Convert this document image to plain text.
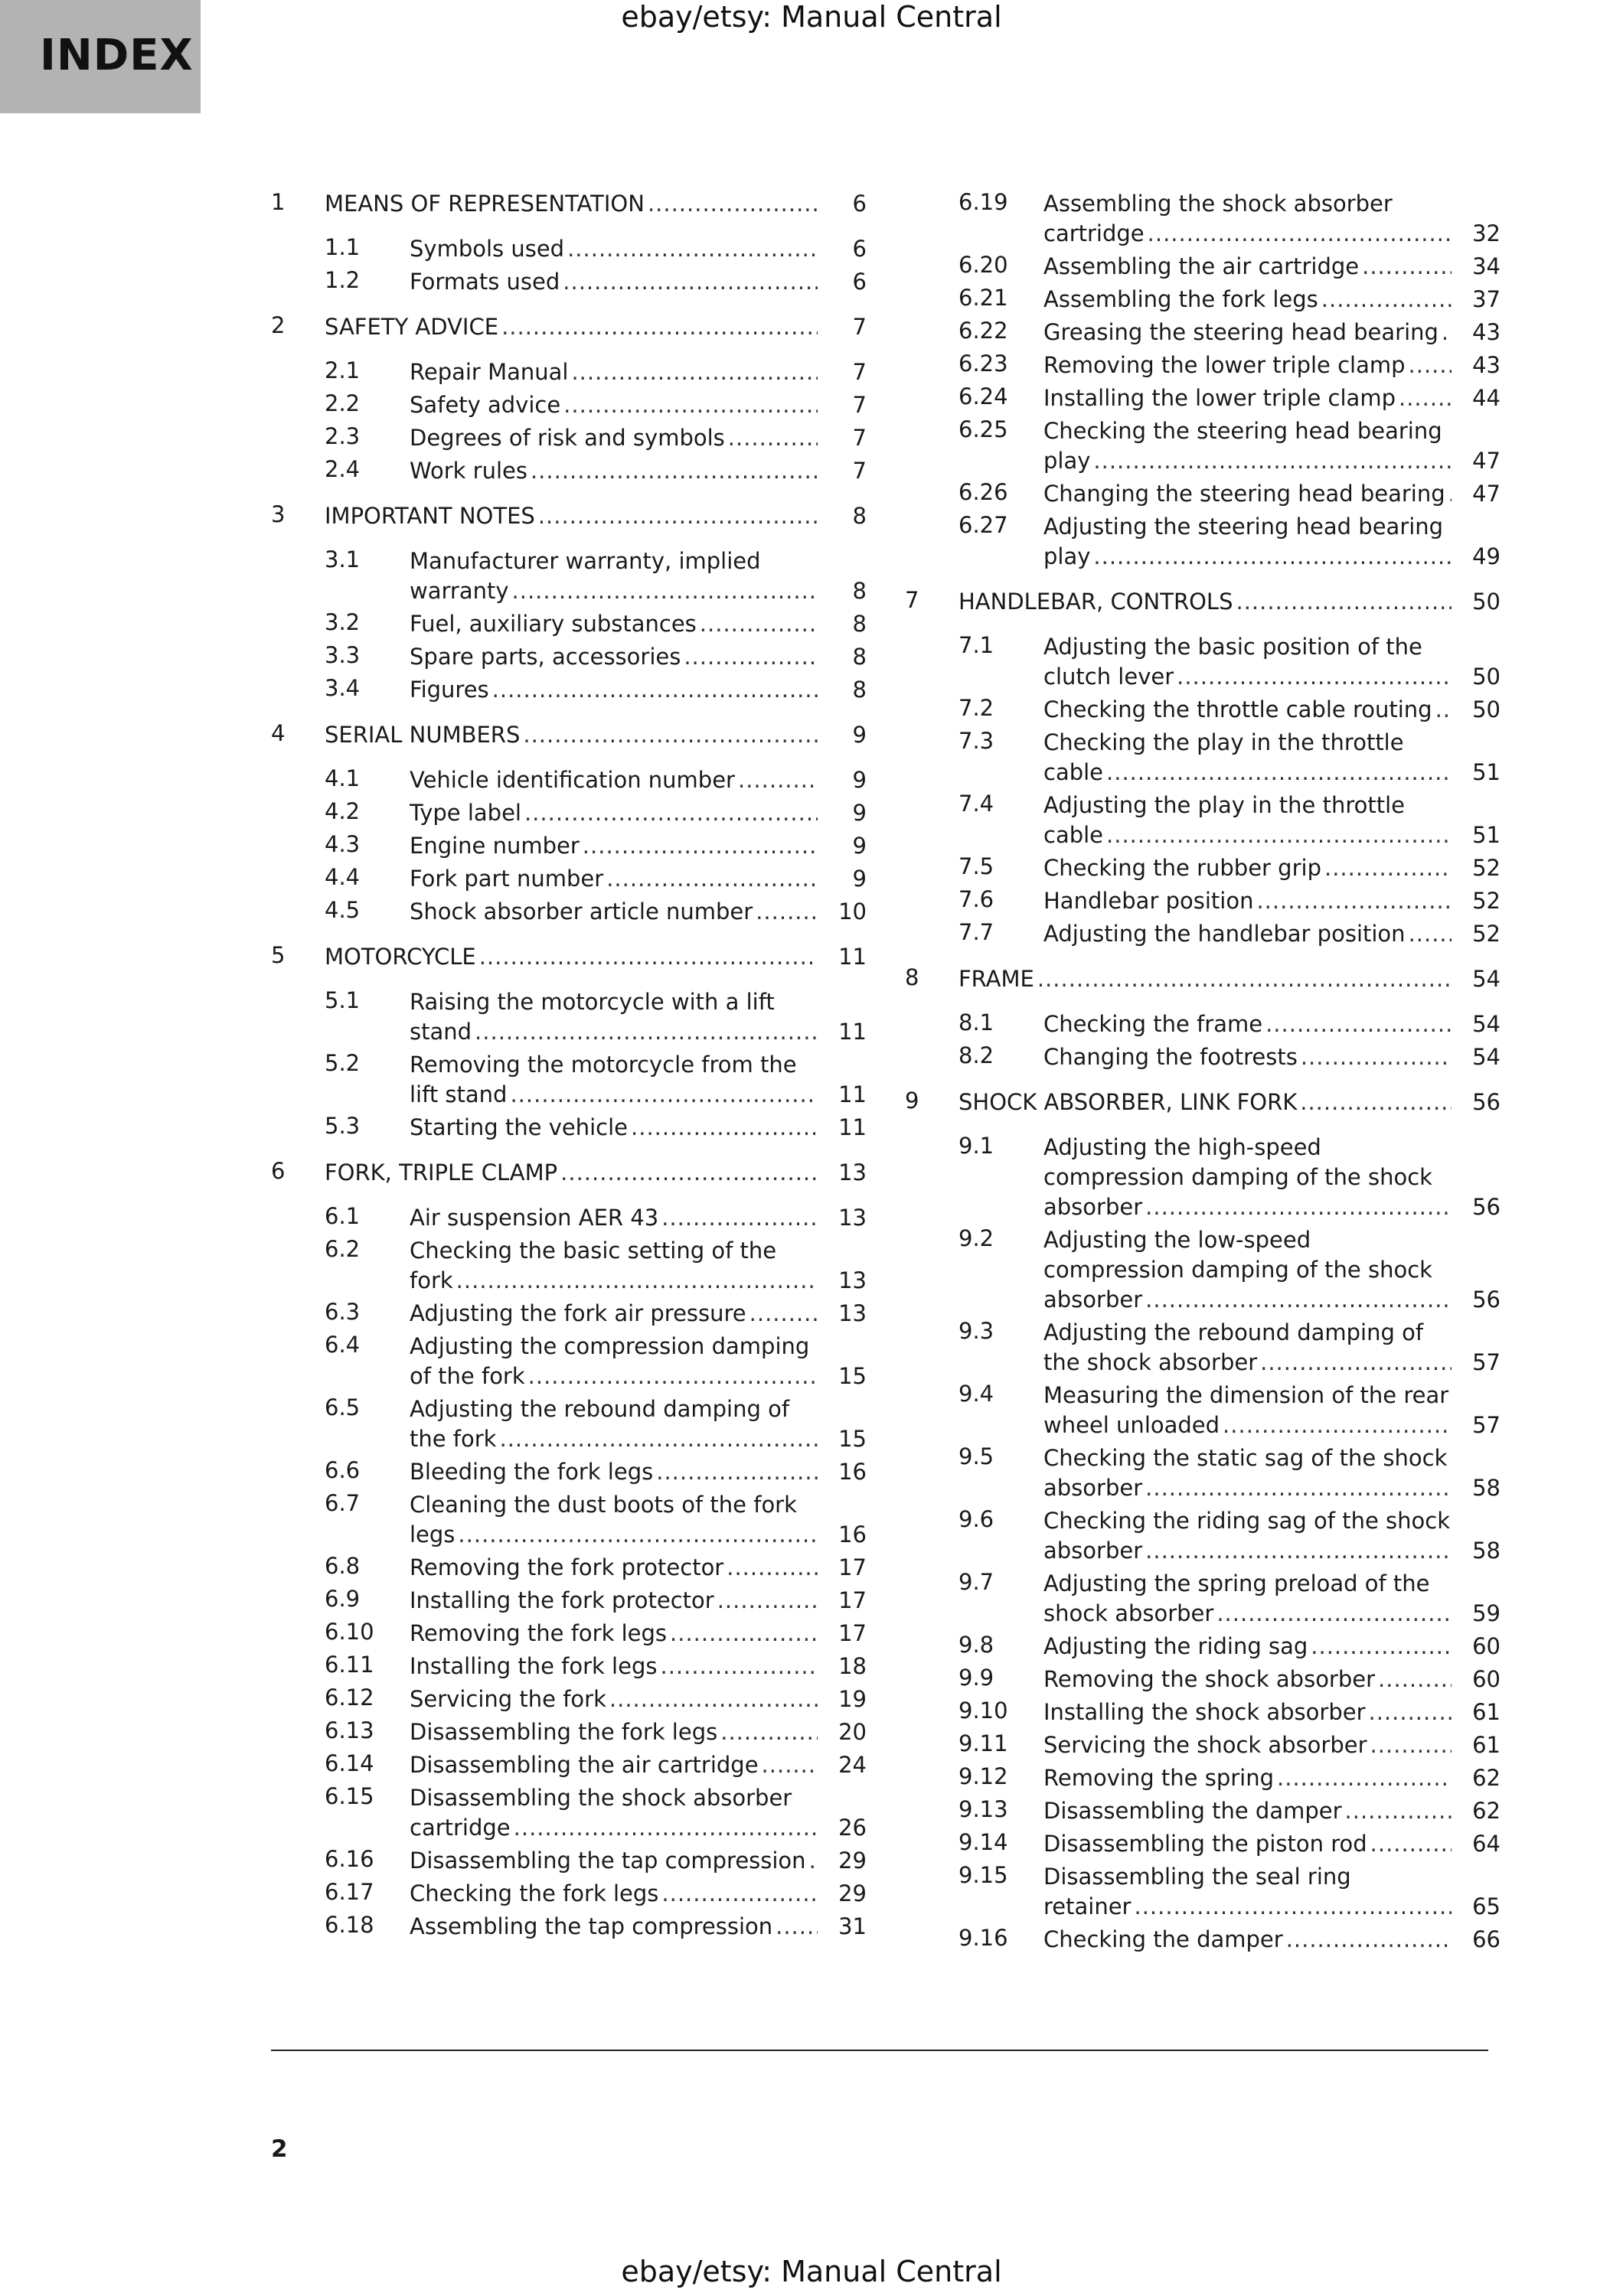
ebay/etsy: Manual Central
INDEX
1 MEANS OF REPRESENTATION .....	6
1.1 Symbols used .....	6
1.2 Formats used .....	6
2 SAFETY ADVICE .....	7
2.1 Repair Manual .....	7
2.2 Safety advice .....	7
2.3 Degrees of risk and symbols .....	7
2.4 Work rules .....	7
3 IMPORTANT NOTES .....	8
3.1 Manufacturer warranty, implied
warranty .....	8
3.2 Fuel, auxiliary substances .....	8
3.3 Spare parts, accessories .....	8
3.4 Figures .....	8
4 SERIAL NUMBERS .....	9
4.1 Vehicle identification number .....	9
4.2 Type label .....	9
4.3 Engine number .....	9
4.4 Fork part number .....	9
4.5 Shock absorber article number .....	10
5 MOTORCYCLE .....	11
5.1 Raising the motorcycle with a lift
stand .....	11
5.2 Removing the motorcycle from the
lift stand .....	11
5.3 Starting the vehicle .....	11
6 FORK, TRIPLE CLAMP .....	13
6.1 Air suspension AER 43 .....	13
6.2 Checking the basic setting of the
fork .....	13
6.3 Adjusting the fork air pressure .....	13
6.4 Adjusting the compression damping
of the fork .....	15
6.5 Adjusting the rebound damping of
the fork .....	15
6.6 Bleeding the fork legs .....	16
6.7 Cleaning the dust boots of the fork
legs .....	16
6.8 Removing the fork protector .....	17
6.9 Installing the fork protector .....	17
6.10 Removing the fork legs .....	17
6.11 Installing the fork legs .....	18
6.12 Servicing the fork .....	19
6.13 Disassembling the fork legs .....	20
6.14 Disassembling the air cartridge .....	24
6.15 Disassembling the shock absorber
cartridge .....	26
6.16 Disassembling the tap compression .....	29
6.17 Checking the fork legs .....	29
6.18 Assembling the tap compression .....	31
6.19 Assembling the shock absorber
cartridge .....	32
6.20 Assembling the air cartridge .....	34
6.21 Assembling the fork legs .....	37
6.22 Greasing the steering head bearing .....	43
6.23 Removing the lower triple clamp .....	43
6.24 Installing the lower triple clamp .....	44
6.25 Checking the steering head bearing
play .....	47
6.26 Changing the steering head bearing .....	47
6.27 Adjusting the steering head bearing
play .....	49
7 HANDLEBAR, CONTROLS .....	50
7.1 Adjusting the basic position of the
clutch lever .....	50
7.2 Checking the throttle cable routing .....	50
7.3 Checking the play in the throttle
cable .....	51
7.4 Adjusting the play in the throttle
cable .....	51
7.5 Checking the rubber grip .....	52
7.6 Handlebar position .....	52
7.7 Adjusting the handlebar position .....	52
8 FRAME .....	54
8.1 Checking the frame .....	54
8.2 Changing the footrests .....	54
9 SHOCK ABSORBER, LINK FORK .....	56
9.1 Adjusting the high-speed
compression damping of the shock
absorber .....	56
9.2 Adjusting the low-speed
compression damping of the shock
absorber .....	56
9.3 Adjusting the rebound damping of
the shock absorber .....	57
9.4 Measuring the dimension of the rear
wheel unloaded .....	57
9.5 Checking the static sag of the shock
absorber .....	58
9.6 Checking the riding sag of the shock
absorber .....	58
9.7 Adjusting the spring preload of the
shock absorber .....	59
9.8 Adjusting the riding sag .....	60
9.9 Removing the shock absorber .....	60
9.10 Installing the shock absorber .....	61
9.11 Servicing the shock absorber .....	61
9.12 Removing the spring .....	62
9.13 Disassembling the damper .....	62
9.14 Disassembling the piston rod .....	64
9.15 Disassembling the seal ring
retainer .....	65
9.16 Checking the damper .....	66
2
ebay/etsy: Manual Central
